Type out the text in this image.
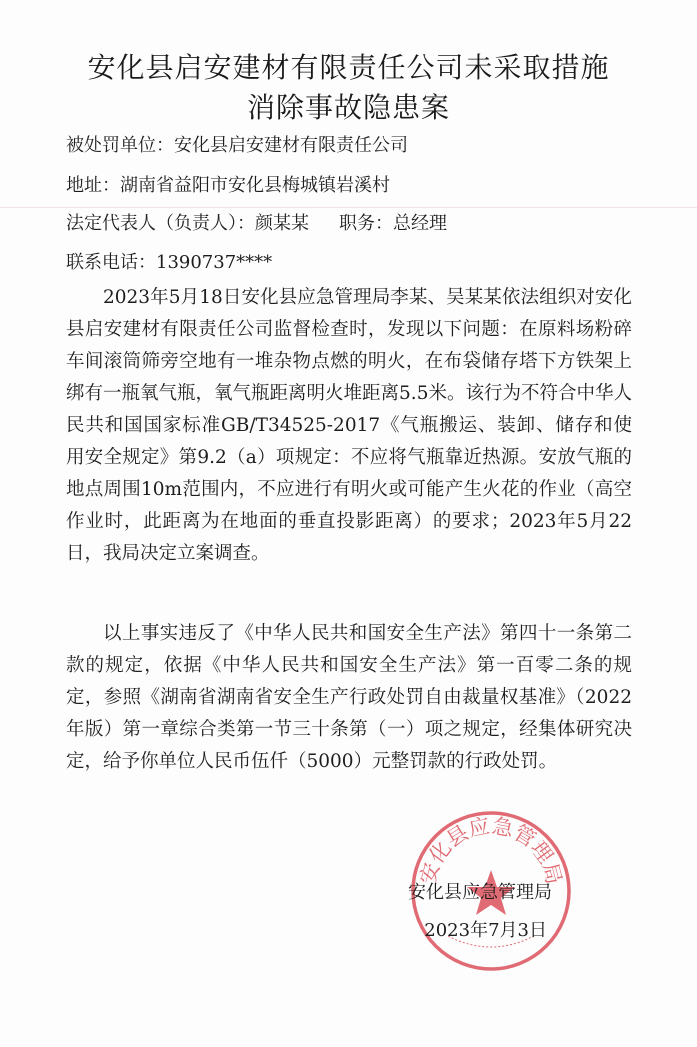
安化县启安建材有限责任公司未采取措施
消除事故隐患案
被处罚单位：安化县启安建材有限责任公司
地址：湖南省益阳市安化县梅城镇岩溪村
法定代表人（负责人）：颜某某 职务：总经理
联系电话：1390737****
2023年5月18日安化县应急管理局李某、吴某某依法组织对安化县启安建材有限责任公司监督检查时，发现以下问题：在原料场粉碎车间滚筒筛旁空地有一堆杂物点燃的明火，在布袋储存塔下方铁架上绑有一瓶氧气瓶，氧气瓶距离明火堆距离5.5米。该行为不符合中华人民共和国国家标准GB/T34525-2017《气瓶搬运、装卸、储存和使用安全规定》第9.2（a）项规定：不应将气瓶靠近热源。安放气瓶的地点周围10m范围内，不应进行有明火或可能产生火花的作业（高空作业时，此距离为在地面的垂直投影距离）的要求；2023年5月22日，我局决定立案调查。
以上事实违反了《中华人民共和国安全生产法》第四十一条第二款的规定，依据《中华人民共和国安全生产法》第一百零二条的规定，参照《湖南省湖南省安全生产行政处罚自由裁量权基准》（2022年版）第一章综合类第一节三十条第（一）项之规定，经集体研究决定，给予你单位人民币伍仟（5000）元整罚款的行政处罚。
安化县应急管理局
安化县应急管理局
2023年7月3日
